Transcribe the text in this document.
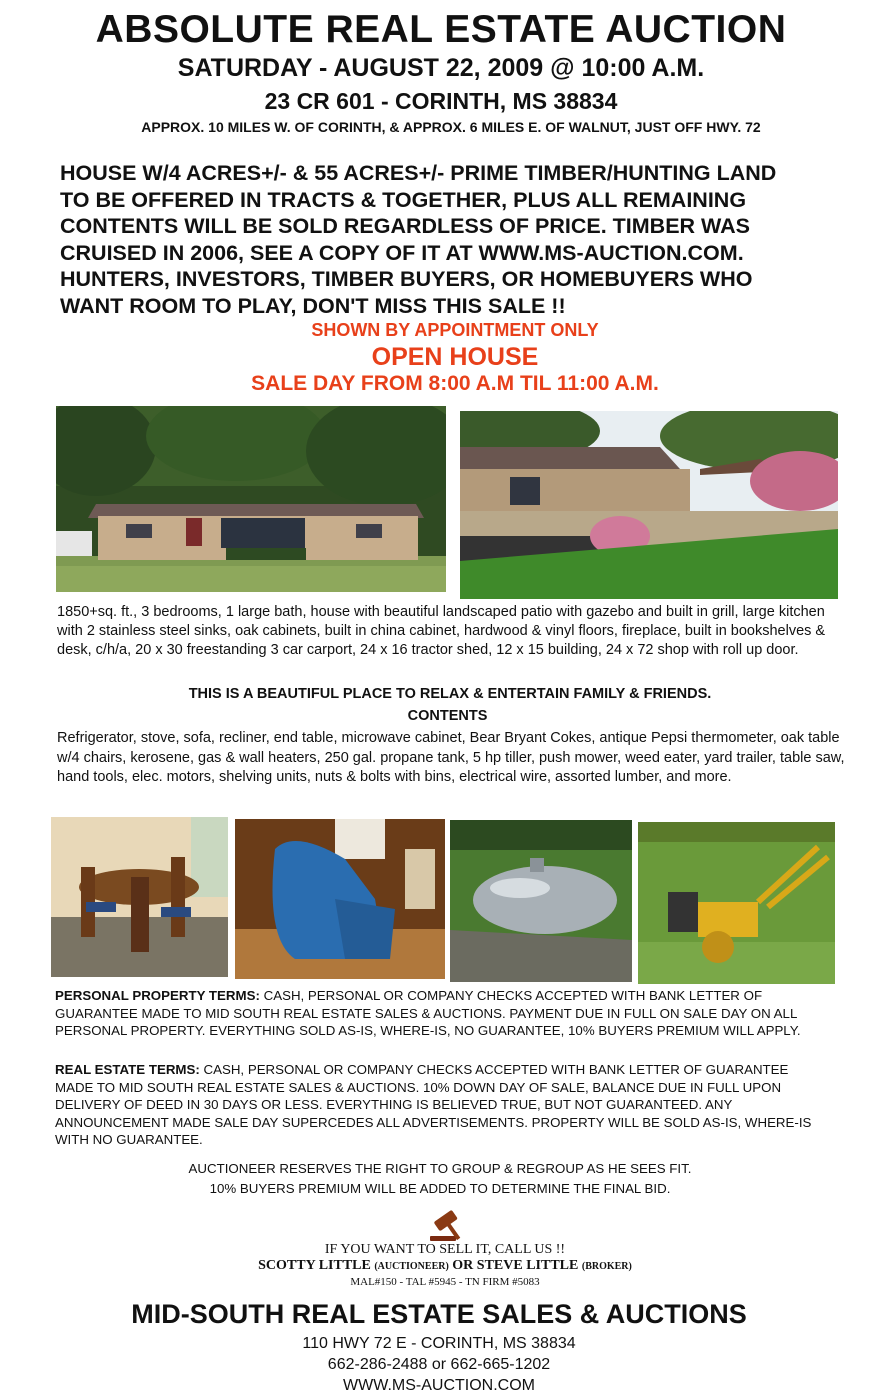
ABSOLUTE REAL ESTATE AUCTION
SATURDAY - AUGUST 22, 2009 @ 10:00 A.M.
23 CR 601 - CORINTH, MS 38834
APPROX. 10 MILES W. OF CORINTH, & APPROX. 6 MILES E. OF WALNUT, JUST OFF HWY. 72
HOUSE W/4 ACRES+/- & 55 ACRES+/- PRIME TIMBER/HUNTING LAND
TO BE OFFERED IN TRACTS & TOGETHER, PLUS ALL REMAINING
CONTENTS WILL BE SOLD REGARDLESS OF PRICE. TIMBER WAS
CRUISED IN 2006, SEE A COPY OF IT AT WWW.MS-AUCTION.COM.
HUNTERS, INVESTORS, TIMBER BUYERS, OR HOMEBUYERS WHO
WANT ROOM TO PLAY, DON'T MISS THIS SALE !!
SHOWN BY APPOINTMENT ONLY
OPEN HOUSE
SALE DAY FROM 8:00 A.M TIL 11:00 A.M.
1850+sq. ft., 3 bedrooms, 1 large bath, house with beautiful landscaped patio with gazebo and built in grill, large kitchen with 2 stainless steel sinks, oak cabinets, built in china cabinet, hardwood & vinyl floors, fireplace, built in bookshelves & desk, c/h/a, 20 x 30 freestanding 3 car carport, 24 x 16 tractor shed, 12 x 15 building, 24 x 72 shop with roll up door.
THIS IS A BEAUTIFUL PLACE TO RELAX & ENTERTAIN FAMILY & FRIENDS.
CONTENTS
Refrigerator, stove, sofa, recliner, end table, microwave cabinet, Bear Bryant Cokes, antique Pepsi thermometer, oak table w/4 chairs, kerosene, gas & wall heaters, 250 gal. propane tank, 5 hp tiller, push mower, weed eater, yard trailer, table saw, hand tools, elec. motors, shelving units, nuts & bolts with bins, electrical wire, assorted lumber, and more.
PERSONAL PROPERTY TERMS: CASH, PERSONAL OR COMPANY CHECKS ACCEPTED WITH BANK LETTER OF GUARANTEE MADE TO MID SOUTH REAL ESTATE SALES & AUCTIONS. PAYMENT DUE IN FULL ON SALE DAY ON ALL PERSONAL PROPERTY. EVERYTHING SOLD AS-IS, WHERE-IS, NO GUARANTEE, 10% BUYERS PREMIUM WILL APPLY.
REAL ESTATE TERMS: CASH, PERSONAL OR COMPANY CHECKS ACCEPTED WITH BANK LETTER OF GUARANTEE MADE TO MID SOUTH REAL ESTATE SALES & AUCTIONS. 10% DOWN DAY OF SALE, BALANCE DUE IN FULL UPON DELIVERY OF DEED IN 30 DAYS OR LESS. EVERYTHING IS BELIEVED TRUE, BUT NOT GUARANTEED. ANY ANNOUNCEMENT MADE SALE DAY SUPERCEDES ALL ADVERTISEMENTS. PROPERTY WILL BE SOLD AS-IS, WHERE-IS WITH NO GUARANTEE.
AUCTIONEER RESERVES THE RIGHT TO GROUP & REGROUP AS HE SEES FIT.
10% BUYERS PREMIUM WILL BE ADDED TO DETERMINE THE FINAL BID.
IF YOU WANT TO SELL IT, CALL US !!
SCOTTY LITTLE (AUCTIONEER) OR STEVE LITTLE (BROKER)
MAL#150 - TAL #5945 - TN FIRM #5083
MID-SOUTH REAL ESTATE SALES & AUCTIONS
110 HWY 72 E - CORINTH, MS 38834
662-286-2488 or 662-665-1202
WWW.MS-AUCTION.COM
